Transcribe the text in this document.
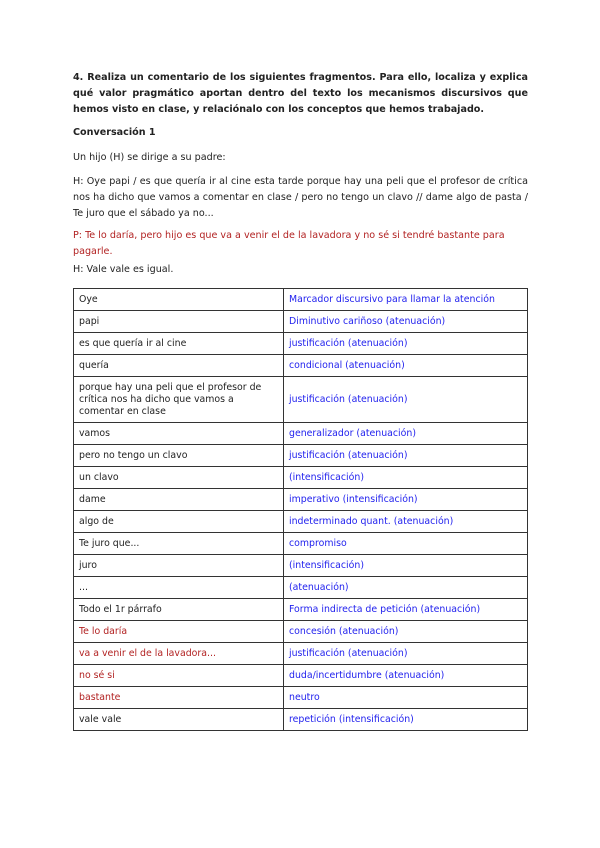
4. Realiza un comentario de los siguientes fragmentos. Para ello, localiza y explica qué valor pragmático aportan dentro del texto los mecanismos discursivos que hemos visto en clase, y relaciónalo con los conceptos que hemos trabajado.
Conversación 1
Un hijo (H) se dirige a su padre:
H: Oye papi / es que quería ir al cine esta tarde porque hay una peli que el profesor de crítica nos ha dicho que vamos a comentar en clase / pero no tengo un clavo // dame algo de pasta / Te juro que el sábado ya no...
P: Te lo daría, pero hijo es que va a venir el de la lavadora y no sé si tendré bastante para pagarle.
H: Vale vale es igual.
Oye	Marcador discursivo para llamar la atención
papi	Diminutivo cariñoso (atenuación)
es que quería ir al cine	justificación (atenuación)
quería	condicional (atenuación)
porque hay una peli que el profesor de crítica nos ha dicho que vamos a comentar en clase	justificación (atenuación)
vamos	generalizador (atenuación)
pero no tengo un clavo	justificación (atenuación)
un clavo	(intensificación)
dame	imperativo (intensificación)
algo de	indeterminado quant. (atenuación)
Te juro que...	compromiso
juro	(intensificación)
...	(atenuación)
Todo el 1r párrafo	Forma indirecta de petición (atenuación)
Te lo daría	concesión (atenuación)
va a venir el de la lavadora...	justificación (atenuación)
no sé si	duda/incertidumbre (atenuación)
bastante	neutro
vale vale	repetición (intensificación)
